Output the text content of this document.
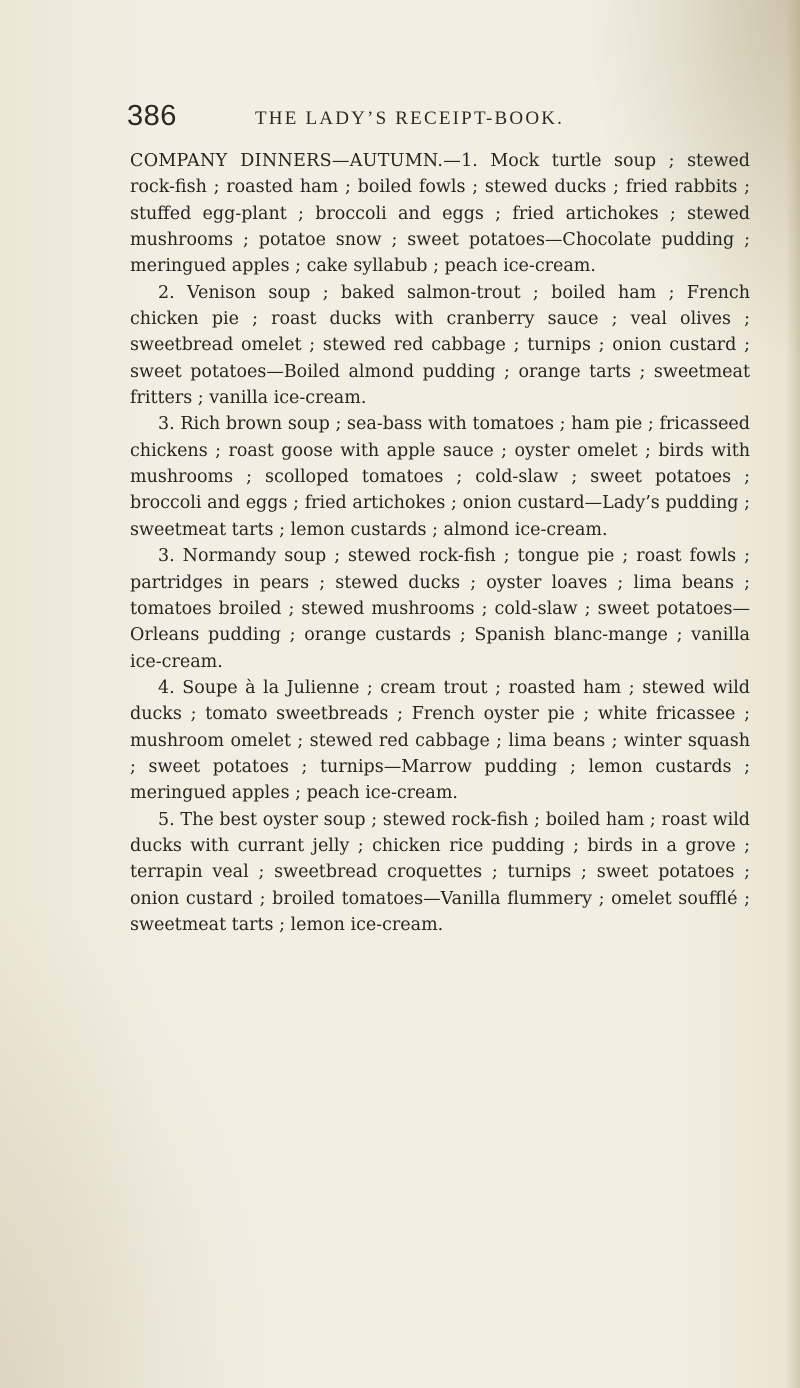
386	THE LADY’S RECEIPT-BOOK.

COMPANY DINNERS—AUTUMN.—1. Mock turtle soup ; stewed rock-fish ; roasted ham ; boiled fowls ; stewed ducks ; fried rabbits ; stuffed egg-plant ; broccoli and eggs ; fried artichokes ; stewed mushrooms ; potatoe snow ; sweet potatoes—Chocolate pudding ; meringued apples ; cake syllabub ; peach ice-cream.

2. Venison soup ; baked salmon-trout ; boiled ham ; French chicken pie ; roast ducks with cranberry sauce ; veal olives ; sweetbread omelet ; stewed red cabbage ; turnips ; onion custard ; sweet potatoes—Boiled almond pudding ; orange tarts ; sweetmeat fritters ; vanilla ice-cream.

3. Rich brown soup ; sea-bass with tomatoes ; ham pie ; fricasseed chickens ; roast goose with apple sauce ; oyster omelet ; birds with mushrooms ; scolloped tomatoes ; cold-slaw ; sweet potatoes ; broccoli and eggs ; fried artichokes ; onion custard—Lady’s pudding ; sweetmeat tarts ; lemon custards ; almond ice-cream.

3. Normandy soup ; stewed rock-fish ; tongue pie ; roast fowls ; partridges in pears ; stewed ducks ; oyster loaves ; lima beans ; tomatoes broiled ; stewed mushrooms ; cold-slaw ; sweet potatoes—Orleans pudding ; orange custards ; Spanish blanc-mange ; vanilla ice-cream.

4. Soupe à la Julienne ; cream trout ; roasted ham ; stewed wild ducks ; tomato sweetbreads ; French oyster pie ; white fricassee ; mushroom omelet ; stewed red cabbage ; lima beans ; winter squash ; sweet potatoes ; turnips—Marrow pudding ; lemon custards ; meringued apples ; peach ice-cream.

5. The best oyster soup ; stewed rock-fish ; boiled ham ; roast wild ducks with currant jelly ; chicken rice pudding ; birds in a grove ; terrapin veal ; sweetbread croquettes ; turnips ; sweet potatoes ; onion custard ; broiled tomatoes—Vanilla flummery ; omelet soufflé ; sweetmeat tarts ; lemon ice-cream.
